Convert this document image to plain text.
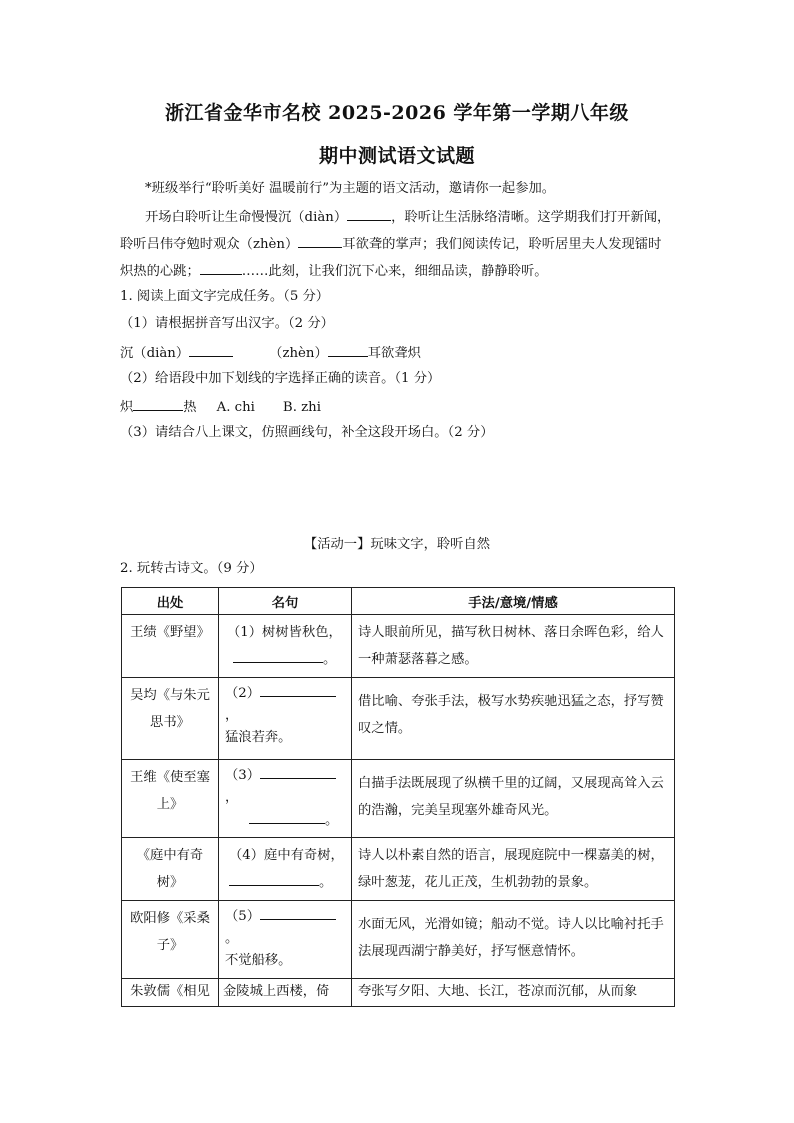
浙江省金华市名校 2025-2026 学年第一学期八年级
期中测试语文试题
*班级举行“聆听美好 温暖前行”为主题的语文活动，邀请你一起参加。
开场白聆听让生命慢慢沉（diàn）	，聆听让生活脉络清晰。这学期我们打开新闻，
聆听吕伟夺勉时观众（zhèn）	耳欲聋的掌声；我们阅读传记，聆听居里夫人发现镭时
炽热的心跳；	……此刻，让我们沉下心来，细细品读，静静聆听。
1. 阅读上面文字完成任务。（5 分）
（1）请根据拼音写出汉字。（2 分）
沉（diàn）	（zhèn）	耳欲聋炽
（2）给语段中加下划线的字选择正确的读音。（1 分）
炽	热 A. chi B. zhi
（3）请结合八上课文，仿照画线句，补全这段开场白。（2 分）
【活动一】玩味文字，聆听自然
2. 玩转古诗文。（9 分）
出处	名句	手法/意境/情感

王绩《野望》	（1）树树皆秋色，
。	诗人眼前所见，描写秋日树林、落日余晖色彩，给人一种萧瑟落暮之感。

吴均《与朱元思书》	（2）
，
猛浪若奔。	借比喻、夸张手法，极写水势疾驰迅猛之态，抒写赞叹之情。

王维《使至塞上》	（3）
，
。	白描手法既展现了纵横千里的辽阔，又展现高耸入云的浩瀚，完美呈现塞外雄奇风光。

《庭中有奇树》	（4）庭中有奇树，
。	诗人以朴素自然的语言，展现庭院中一棵嘉美的树，绿叶葱茏，花儿正茂，生机勃勃的景象。

欧阳修《采桑子》	（5）
。
不觉船移。	水面无风，光滑如镜；船动不觉。诗人以比喻衬托手法展现西湖宁静美好，抒写惬意情怀。

朱敦儒《相见	金陵城上西楼，倚	夸张写夕阳、大地、长江，苍凉而沉郁，从而象
